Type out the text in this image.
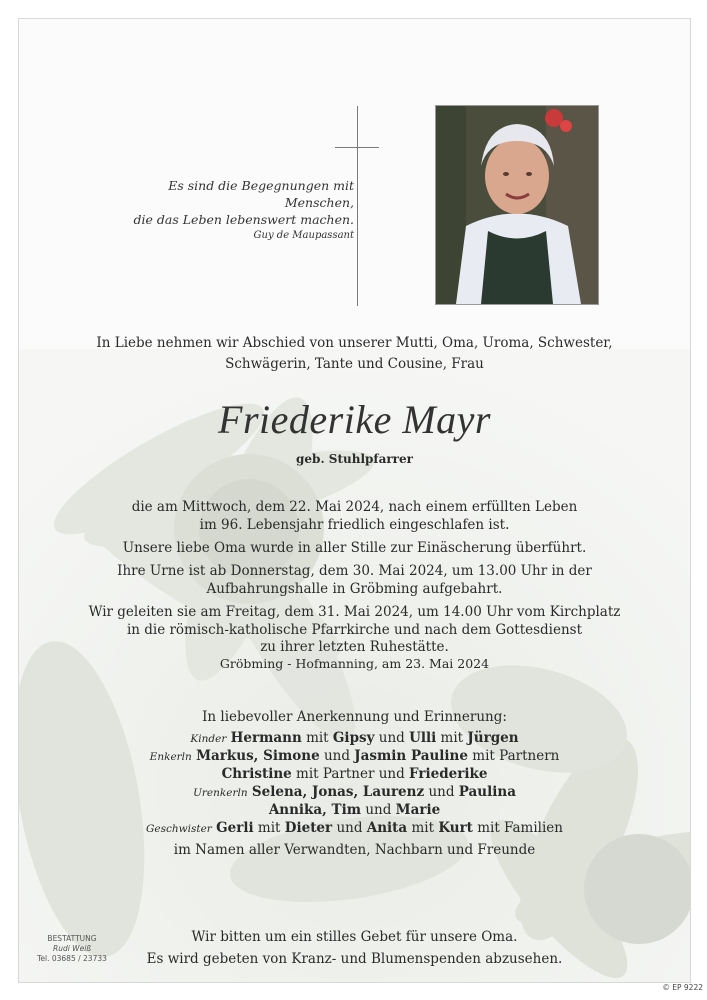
Es sind die Begegnungen mit Menschen,
die das Leben lebenswert machen.
Guy de Maupassant
In Liebe nehmen wir Abschied von unserer Mutti, Oma, Uroma, Schwester,
Schwägerin, Tante und Cousine, Frau
Friederike Mayr
geb. Stuhlpfarrer
die am Mittwoch, dem 22. Mai 2024, nach einem erfüllten Leben
im 96. Lebensjahr friedlich eingeschlafen ist.
Unsere liebe Oma wurde in aller Stille zur Einäscherung überführt.
Ihre Urne ist ab Donnerstag, dem 30. Mai 2024, um 13.00 Uhr in der
Aufbahrungshalle in Gröbming aufgebahrt.
Wir geleiten sie am Freitag, dem 31. Mai 2024, um 14.00 Uhr vom Kirchplatz
in die römisch-katholische Pfarrkirche und nach dem Gottesdienst
zu ihrer letzten Ruhestätte.
Gröbming - Hofmanning, am 23. Mai 2024
In liebevoller Anerkennung und Erinnerung:
Kinder Hermann mit Gipsy und Ulli mit Jürgen
Enkerln Markus, Simone und Jasmin Pauline mit Partnern
Christine mit Partner und Friederike
Urenkerln Selena, Jonas, Laurenz und Paulina
Annika, Tim und Marie
Geschwister Gerli mit Dieter und Anita mit Kurt mit Familien
im Namen aller Verwandten, Nachbarn und Freunde
Wir bitten um ein stilles Gebet für unsere Oma.
Es wird gebeten von Kranz- und Blumenspenden abzusehen.
BESTATTUNG
Rudi Weiß
Tel. 03685 / 23733
© EP 9222
